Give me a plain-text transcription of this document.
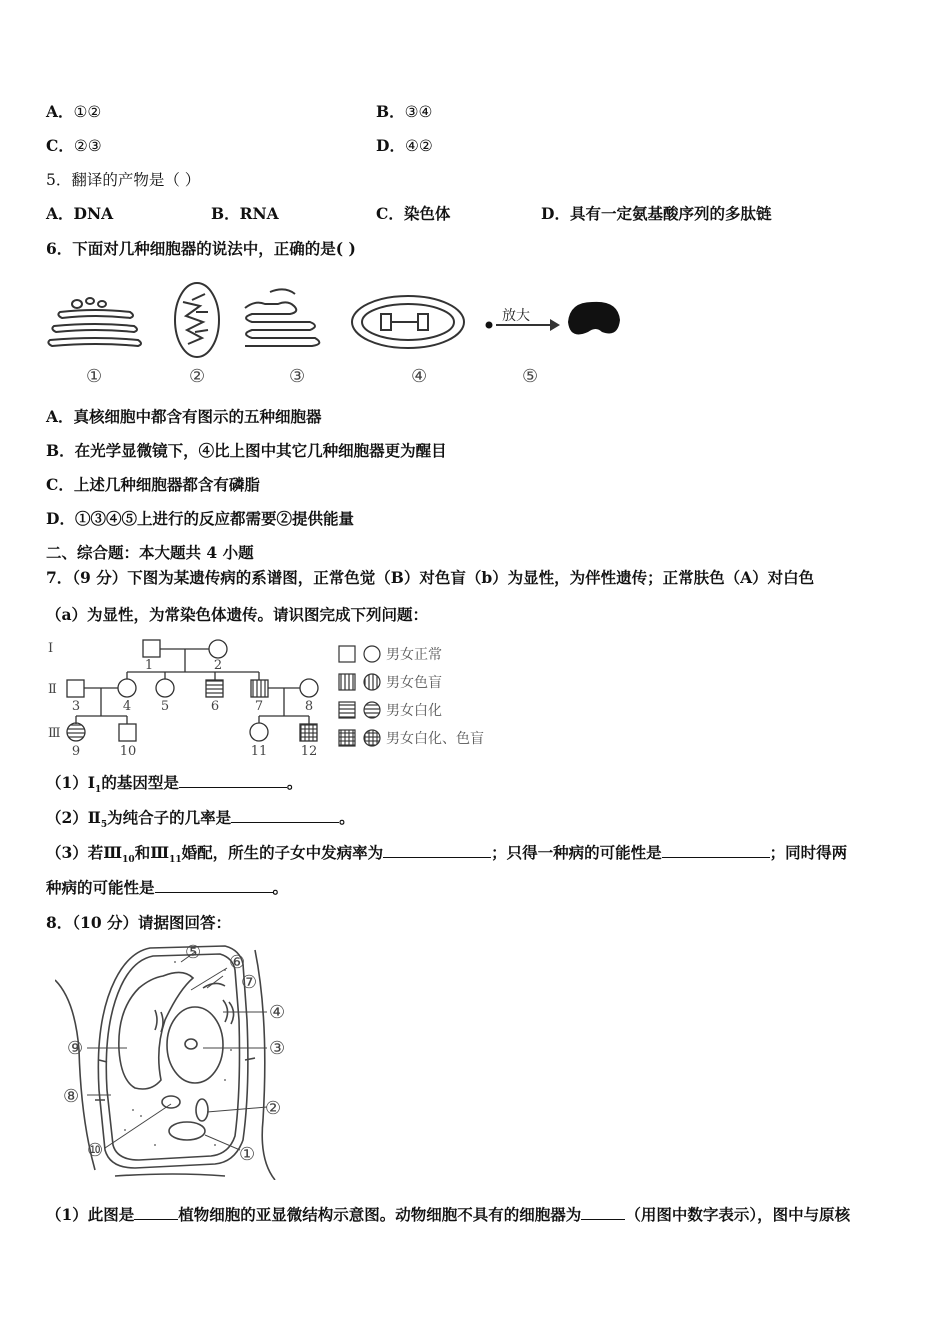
A．①②	B．③④
C．②③	D．④②
5．翻译的产物是（ ）
A．DNA	B．RNA	C．染色体	D．具有一定氨基酸序列的多肽链
6．下面对几种细胞器的说法中，正确的是( )
放大
①	②	③	④	⑤
A．真核细胞中都含有图示的五种细胞器
B．在光学显微镜下，④比上图中其它几种细胞器更为醒目
C．上述几种细胞器都含有磷脂
D．①③④⑤上进行的反应都需要②提供能量
二、综合题：本大题共 4 小题
7．（9 分）下图为某遗传病的系谱图，正常色觉（B）对色盲（b）为显性，为伴性遗传；正常肤色（A）对白色
（a）为显性，为常染色体遗传。请识图完成下列问题：
Ⅰ
Ⅱ
Ⅲ
1	2
3	4 5	6	7	8
9	10	11	12
男女正常
男女色盲
男女白化
男女白化、色盲
$(1)Ⅰ_1$的基因型是	。
$(2)Ⅱ_5$为纯合子的几率是	。
（3）若$Ⅲ_{10}$和$Ⅲ_{11}$婚配，所生的子女中发病率为	；只得一种病的可能性是	；同时得两
种病的可能性是	。
8．（10 分）请据图回答：
⑤ ⑥
⑦
④
③
②
①
⑨
⑧
⑩
（1）此图是	植物细胞的亚显微结构示意图。动物细胞不具有的细胞器为	（用图中数字表示），图中与原核
